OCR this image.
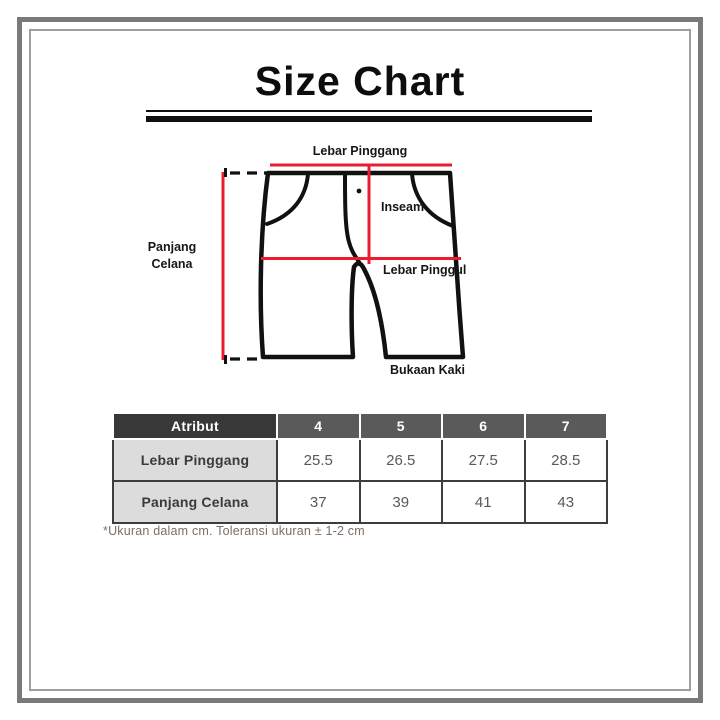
Size Chart
Lebar Pinggang
Panjang Celana
Inseam
Lebar Pinggul
Bukaan Kaki
Atribut	4	5	6	7
Lebar Pinggang	25.5	26.5	27.5	28.5
Panjang Celana	37	39	41	43
*Ukuran dalam cm. Toleransi ukuran ± 1-2 cm
